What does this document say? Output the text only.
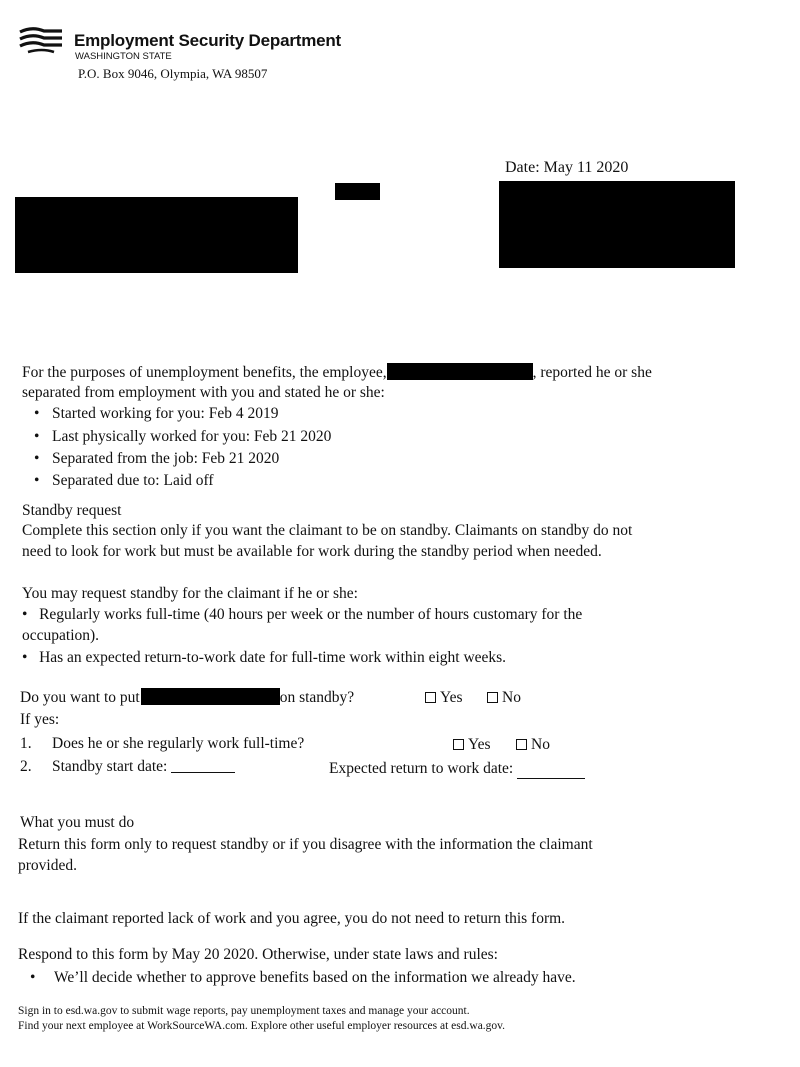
Employment Security Department
WASHINGTON STATE
P.O. Box 9046, Olympia, WA 98507
Date: May 11 2020
For the purposes of unemployment benefits, the employee,	, reported he or she
separated from employment with you and stated he or she:
• Started working for you: Feb 4 2019
• Last physically worked for you: Feb 21 2020
• Separated from the job: Feb 21 2020
• Separated due to: Laid off
Standby request
Complete this section only if you want the claimant to be on standby. Claimants on standby do not
need to look for work but must be available for work during the standby period when needed.
You may request standby for the claimant if he or she:
• Regularly works full-time (40 hours per week or the number of hours customary for the
occupation).
• Has an expected return-to-work date for full-time work within eight weeks.
Do you want to put	on standby?	Yes	No
If yes:
1. Does he or she regularly work full-time?	Yes	No
2. Standby start date:	Expected return to work date:
What you must do
Return this form only to request standby or if you disagree with the information the claimant
provided.
If the claimant reported lack of work and you agree, you do not need to return this form.
Respond to this form by May 20 2020. Otherwise, under state laws and rules:
• We’ll decide whether to approve benefits based on the information we already have.
Sign in to esd.wa.gov to submit wage reports, pay unemployment taxes and manage your account.
Find your next employee at WorkSourceWA.com. Explore other useful employer resources at esd.wa.gov.
